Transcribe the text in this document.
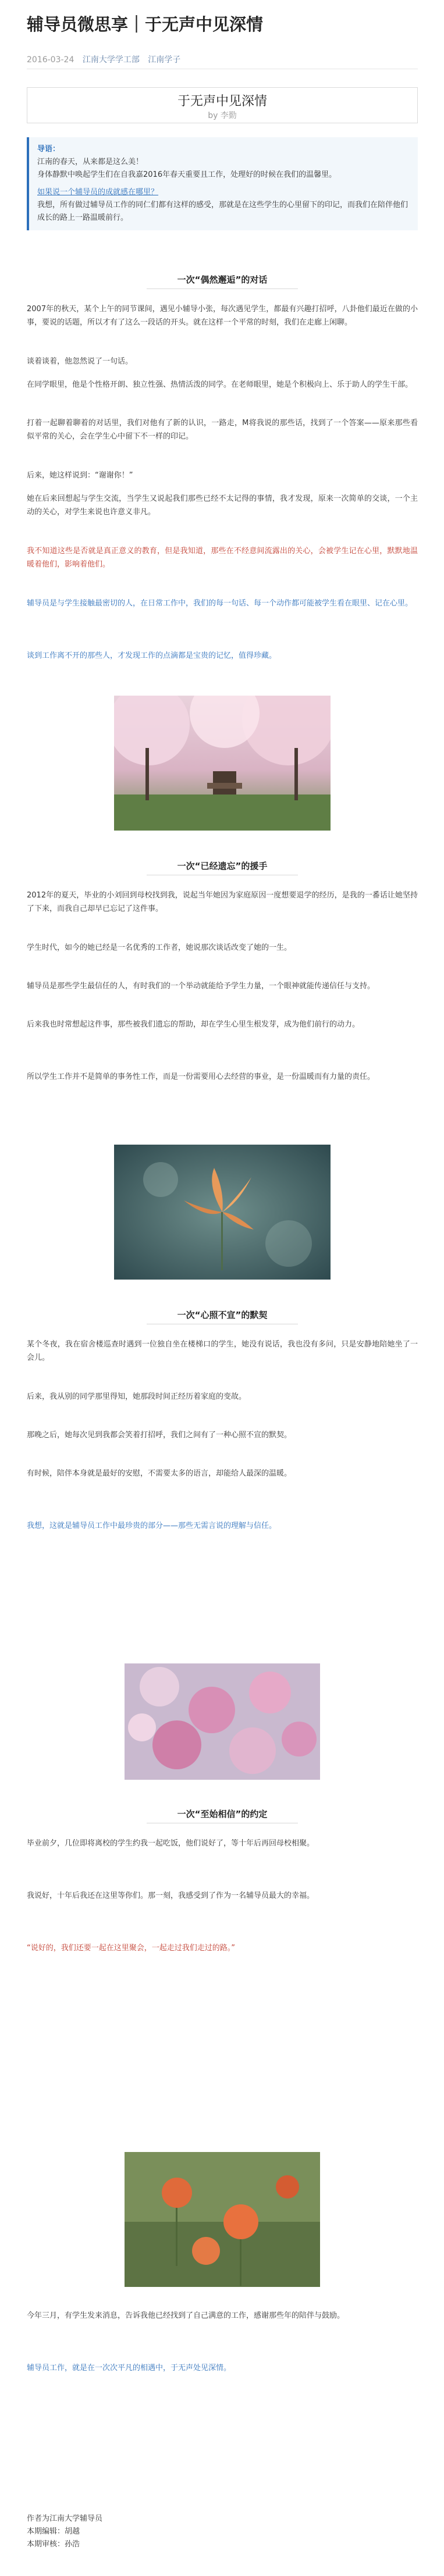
辅导员微思享｜于无声中见深情
2016-03-24 江南大学学工部 江南学子
于无声中见深情
by 李勤
导语：
江南的春天，从来都是这么美！
身体静默中唤起学生们在自我嘉2016年春天重要且工作，处理好的时候在我们的温馨里。
如果说一个辅导员的成就感在哪里？
我想，所有做过辅导员工作的同仁们都有这样的感受，那就是在这些学生的心里留下的印记，而我们在陪伴他们成长的路上一路温暖前行。
一次“偶然邂逅”的对话
2007年的秋天，某个上午的同节课间，遇见小辅导小张，每次遇见学生，都最有兴趣打招呼，八卦他们最近在做的小事，要说的话题，所以才有了这么一段话的开头。就在这样一个平常的时刻，我们在走廊上闲聊。
谈着谈着，他忽然说了一句话。
在同学眼里，他是个性格开朗、独立性强、热情活泼的同学。在老师眼里，她是个积极向上、乐于助人的学生干部。
打着一起聊着聊着的对话里，我们对他有了新的认识，一路走，M将我说的那些话，找到了一个答案——原来那些看似平常的关心，会在学生心中留下不一样的印记。
后来，她这样说到：“谢谢你！”
她在后来回想起与学生交流，当学生又说起我们那些已经不太记得的事情，我才发现，原来一次简单的交谈，一个主动的关心，对学生来说也许意义非凡。
我不知道这些是否就是真正意义的教育，但是我知道，那些在不经意间流露出的关心，会被学生记在心里，默默地温暖着他们，影响着他们。
辅导员是与学生接触最密切的人，在日常工作中，我们的每一句话、每一个动作都可能被学生看在眼里、记在心里。
谈到工作离不开的那些人，才发现工作的点滴都是宝贵的记忆，值得珍藏。
一次“已经遗忘”的援手
2012年的夏天，毕业的小刘回到母校找到我，说起当年她因为家庭原因一度想要退学的经历，是我的一番话让她坚持了下来，而我自己却早已忘记了这件事。
学生时代，如今的她已经是一名优秀的工作者，她说那次谈话改变了她的一生。
辅导员是那些学生最信任的人，有时我们的一个举动就能给予学生力量，一个眼神就能传递信任与支持。
后来我也时常想起这件事，那些被我们遗忘的帮助，却在学生心里生根发芽，成为他们前行的动力。
所以学生工作并不是简单的事务性工作，而是一份需要用心去经营的事业，是一份温暖而有力量的责任。
一次“心照不宣”的默契
某个冬夜，我在宿舍楼巡查时遇到一位独自坐在楼梯口的学生，她没有说话，我也没有多问，只是安静地陪她坐了一会儿。
后来，我从别的同学那里得知，她那段时间正经历着家庭的变故。
那晚之后，她每次见到我都会笑着打招呼，我们之间有了一种心照不宣的默契。
有时候，陪伴本身就是最好的安慰，不需要太多的语言，却能给人最深的温暖。
我想，这就是辅导员工作中最珍贵的部分——那些无需言说的理解与信任。
一次“至始相信”的约定
毕业前夕，几位即将离校的学生约我一起吃饭，他们说好了，等十年后再回母校相聚。
我说好，十年后我还在这里等你们。那一刻，我感受到了作为一名辅导员最大的幸福。
“说好的，我们还要一起在这里聚会，一起走过我们走过的路。”
今年三月，有学生发来消息，告诉我他已经找到了自己满意的工作，感谢那些年的陪伴与鼓励。
辅导员工作，就是在一次次平凡的相遇中，于无声处见深情。
作者为江南大学辅导员
本期编辑：胡越
本期审核：孙浩
